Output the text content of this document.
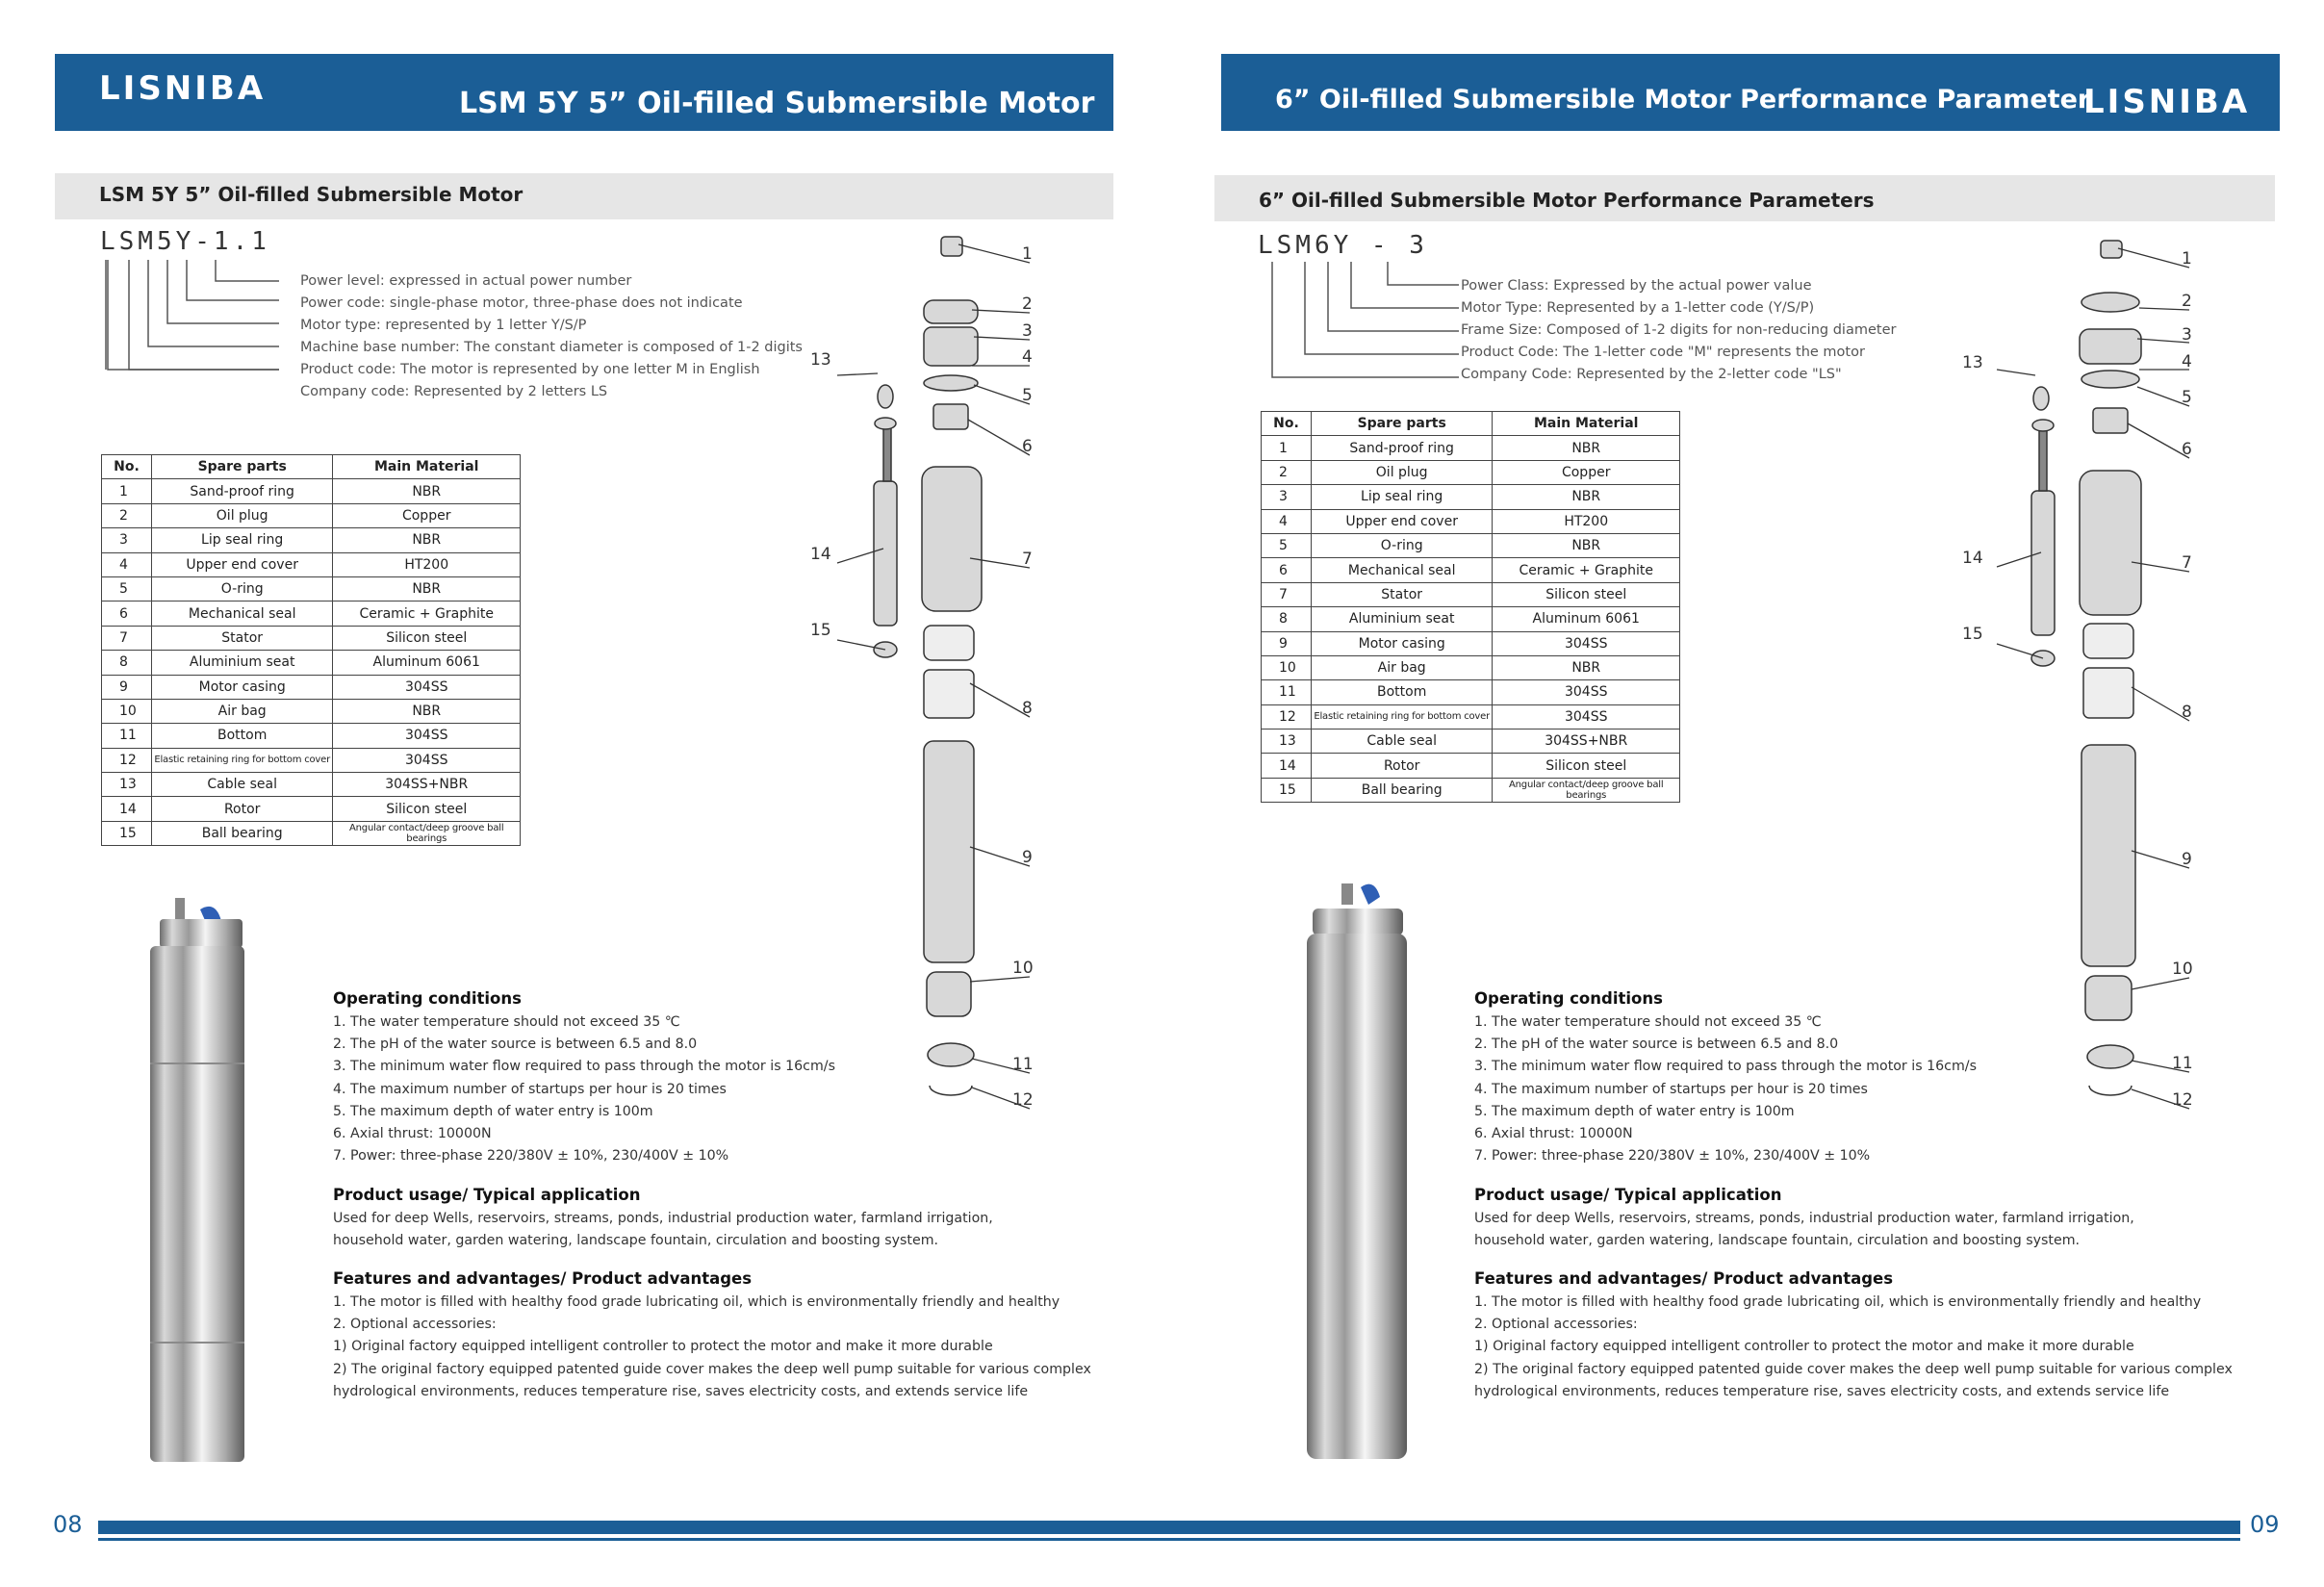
LISNIBA	LSM 5Y 5” Oil-filled Submersible Motor
LSM 5Y 5” Oil-filled Submersible Motor
LSM5Y-1.1
Power level: expressed in actual power number
Power code: single-phase motor, three-phase does not indicate
Motor type: represented by 1 letter Y/S/P
Machine base number: The constant diameter is composed of 1-2 digits
Product code: The motor is represented by one letter M in English
Company code: Represented by 2 letters LS
No.	Spare parts	Main Material
1	Sand-proof ring	NBR
2	Oil plug	Copper
3	Lip seal ring	NBR
4	Upper end cover	HT200
5	O-ring	NBR
6	Mechanical seal	Ceramic + Graphite
7	Stator	Silicon steel
8	Aluminium seat	Aluminum 6061
9	Motor casing	304SS
10	Air bag	NBR
11	Bottom	304SS
12	Elastic retaining ring for bottom cover	304SS
13	Cable seal	304SS+NBR
14	Rotor	Silicon steel
15	Ball bearing	Angular contact/deep groove ball bearings
1
2
3
4
5
6
7
8
9
10
11
12
13
14
15
Operating conditions
1. The water temperature should not exceed 35 ℃
2. The pH of the water source is between 6.5 and 8.0
3. The minimum water flow required to pass through the motor is 16cm/s
4. The maximum number of startups per hour is 20 times
5. The maximum depth of water entry is 100m
6. Axial thrust: 10000N
7. Power: three-phase 220/380V ± 10%, 230/400V ± 10%
Product usage/ Typical application
Used for deep Wells, reservoirs, streams, ponds, industrial production water, farmland irrigation,
household water, garden watering, landscape fountain, circulation and boosting system.
Features and advantages/ Product advantages
1. The motor is filled with healthy food grade lubricating oil, which is environmentally friendly and healthy
2. Optional accessories:
1) Original factory equipped intelligent controller to protect the motor and make it more durable
2) The original factory equipped patented guide cover makes the deep well pump suitable for various complex
hydrological environments, reduces temperature rise, saves electricity costs, and extends service life
6” Oil-filled Submersible Motor Performance Parameter
LISNIBA
6” Oil-filled Submersible Motor Performance Parameters
LSM6Y - 3
Power Class: Expressed by the actual power value
Motor Type: Represented by a 1-letter code (Y/S/P)
Frame Size: Composed of 1-2 digits for non-reducing diameter
Product Code: The 1-letter code "M" represents the motor
Company Code: Represented by the 2-letter code "LS"
No.	Spare parts	Main Material
1	Sand-proof ring	NBR
2	Oil plug	Copper
3	Lip seal ring	NBR
4	Upper end cover	HT200
5	O-ring	NBR
6	Mechanical seal	Ceramic + Graphite
7	Stator	Silicon steel
8	Aluminium seat	Aluminum 6061
9	Motor casing	304SS
10	Air bag	NBR
11	Bottom	304SS
12	Elastic retaining ring for bottom cover	304SS
13	Cable seal	304SS+NBR
14	Rotor	Silicon steel
15	Ball bearing	Angular contact/deep groove ball bearings
1
2
3
4
5
6
7
8
9
10
11
12
13
14
15
Operating conditions
1. The water temperature should not exceed 35 ℃
2. The pH of the water source is between 6.5 and 8.0
3. The minimum water flow required to pass through the motor is 16cm/s
4. The maximum number of startups per hour is 20 times
5. The maximum depth of water entry is 100m
6. Axial thrust: 10000N
7. Power: three-phase 220/380V ± 10%, 230/400V ± 10%
Product usage/ Typical application
Used for deep Wells, reservoirs, streams, ponds, industrial production water, farmland irrigation,
household water, garden watering, landscape fountain, circulation and boosting system.
Features and advantages/ Product advantages
1. The motor is filled with healthy food grade lubricating oil, which is environmentally friendly and healthy
2. Optional accessories:
1) Original factory equipped intelligent controller to protect the motor and make it more durable
2) The original factory equipped patented guide cover makes the deep well pump suitable for various complex
hydrological environments, reduces temperature rise, saves electricity costs, and extends service life
08	09
